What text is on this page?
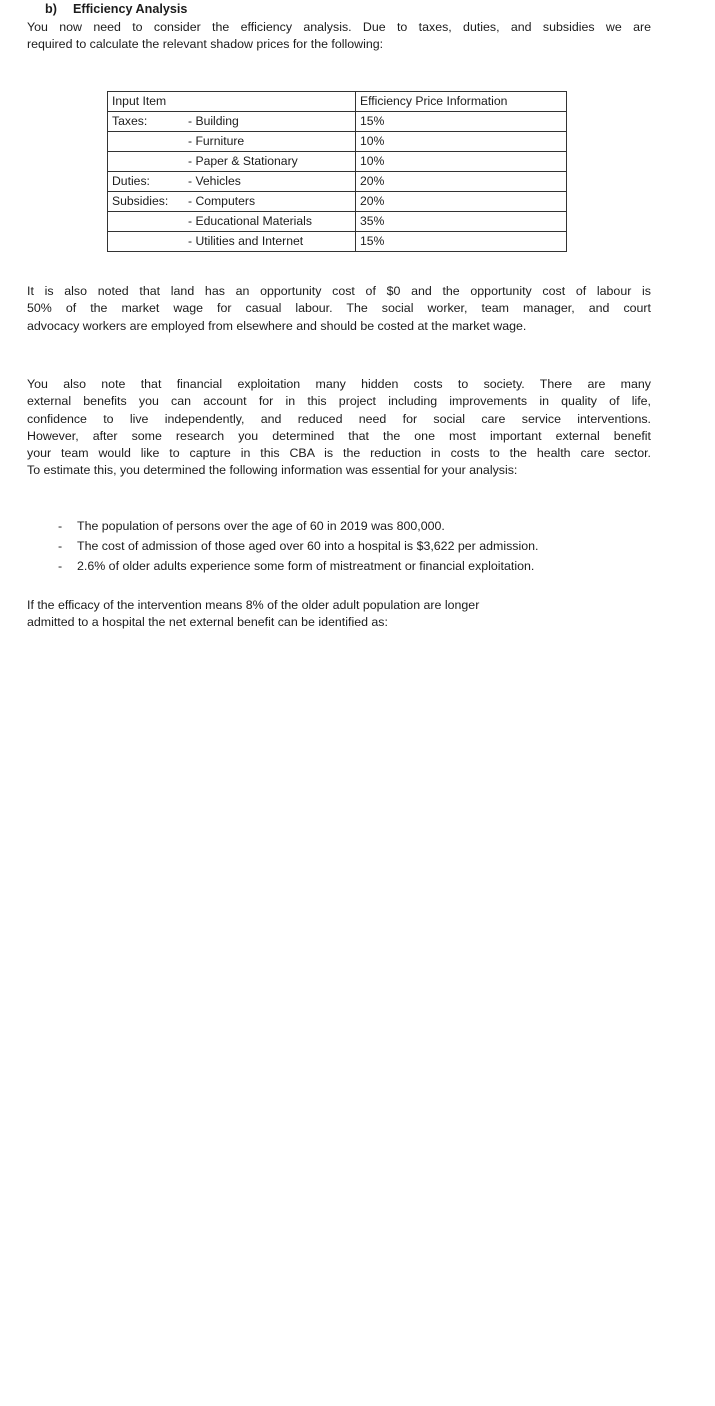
b) Efficiency Analysis
You now need to consider the efficiency analysis. Due to taxes, duties, and subsidies we are
required to calculate the relevant shadow prices for the following:
Input Item	Efficiency Price Information
Taxes: - Building	15%
- Furniture	10%
- Paper & Stationary	10%
Duties: - Vehicles	20%
Subsidies: - Computers	20%
- Educational Materials	35%
- Utilities and Internet	15%
It is also noted that land has an opportunity cost of $0 and the opportunity cost of labour is
50% of the market wage for casual labour. The social worker, team manager, and court
advocacy workers are employed from elsewhere and should be costed at the market wage.
You also note that financial exploitation many hidden costs to society. There are many
external benefits you can account for in this project including improvements in quality of life,
confidence to live independently, and reduced need for social care service interventions.
However, after some research you determined that the one most important external benefit
your team would like to capture in this CBA is the reduction in costs to the health care sector.
To estimate this, you determined the following information was essential for your analysis:
- The population of persons over the age of 60 in 2019 was 800,000.
- The cost of admission of those aged over 60 into a hospital is $3,622 per admission.
- 2.6% of older adults experience some form of mistreatment or financial exploitation.
If the efficacy of the intervention means 8% of the older adult population are longer
admitted to a hospital the net external benefit can be identified as:
